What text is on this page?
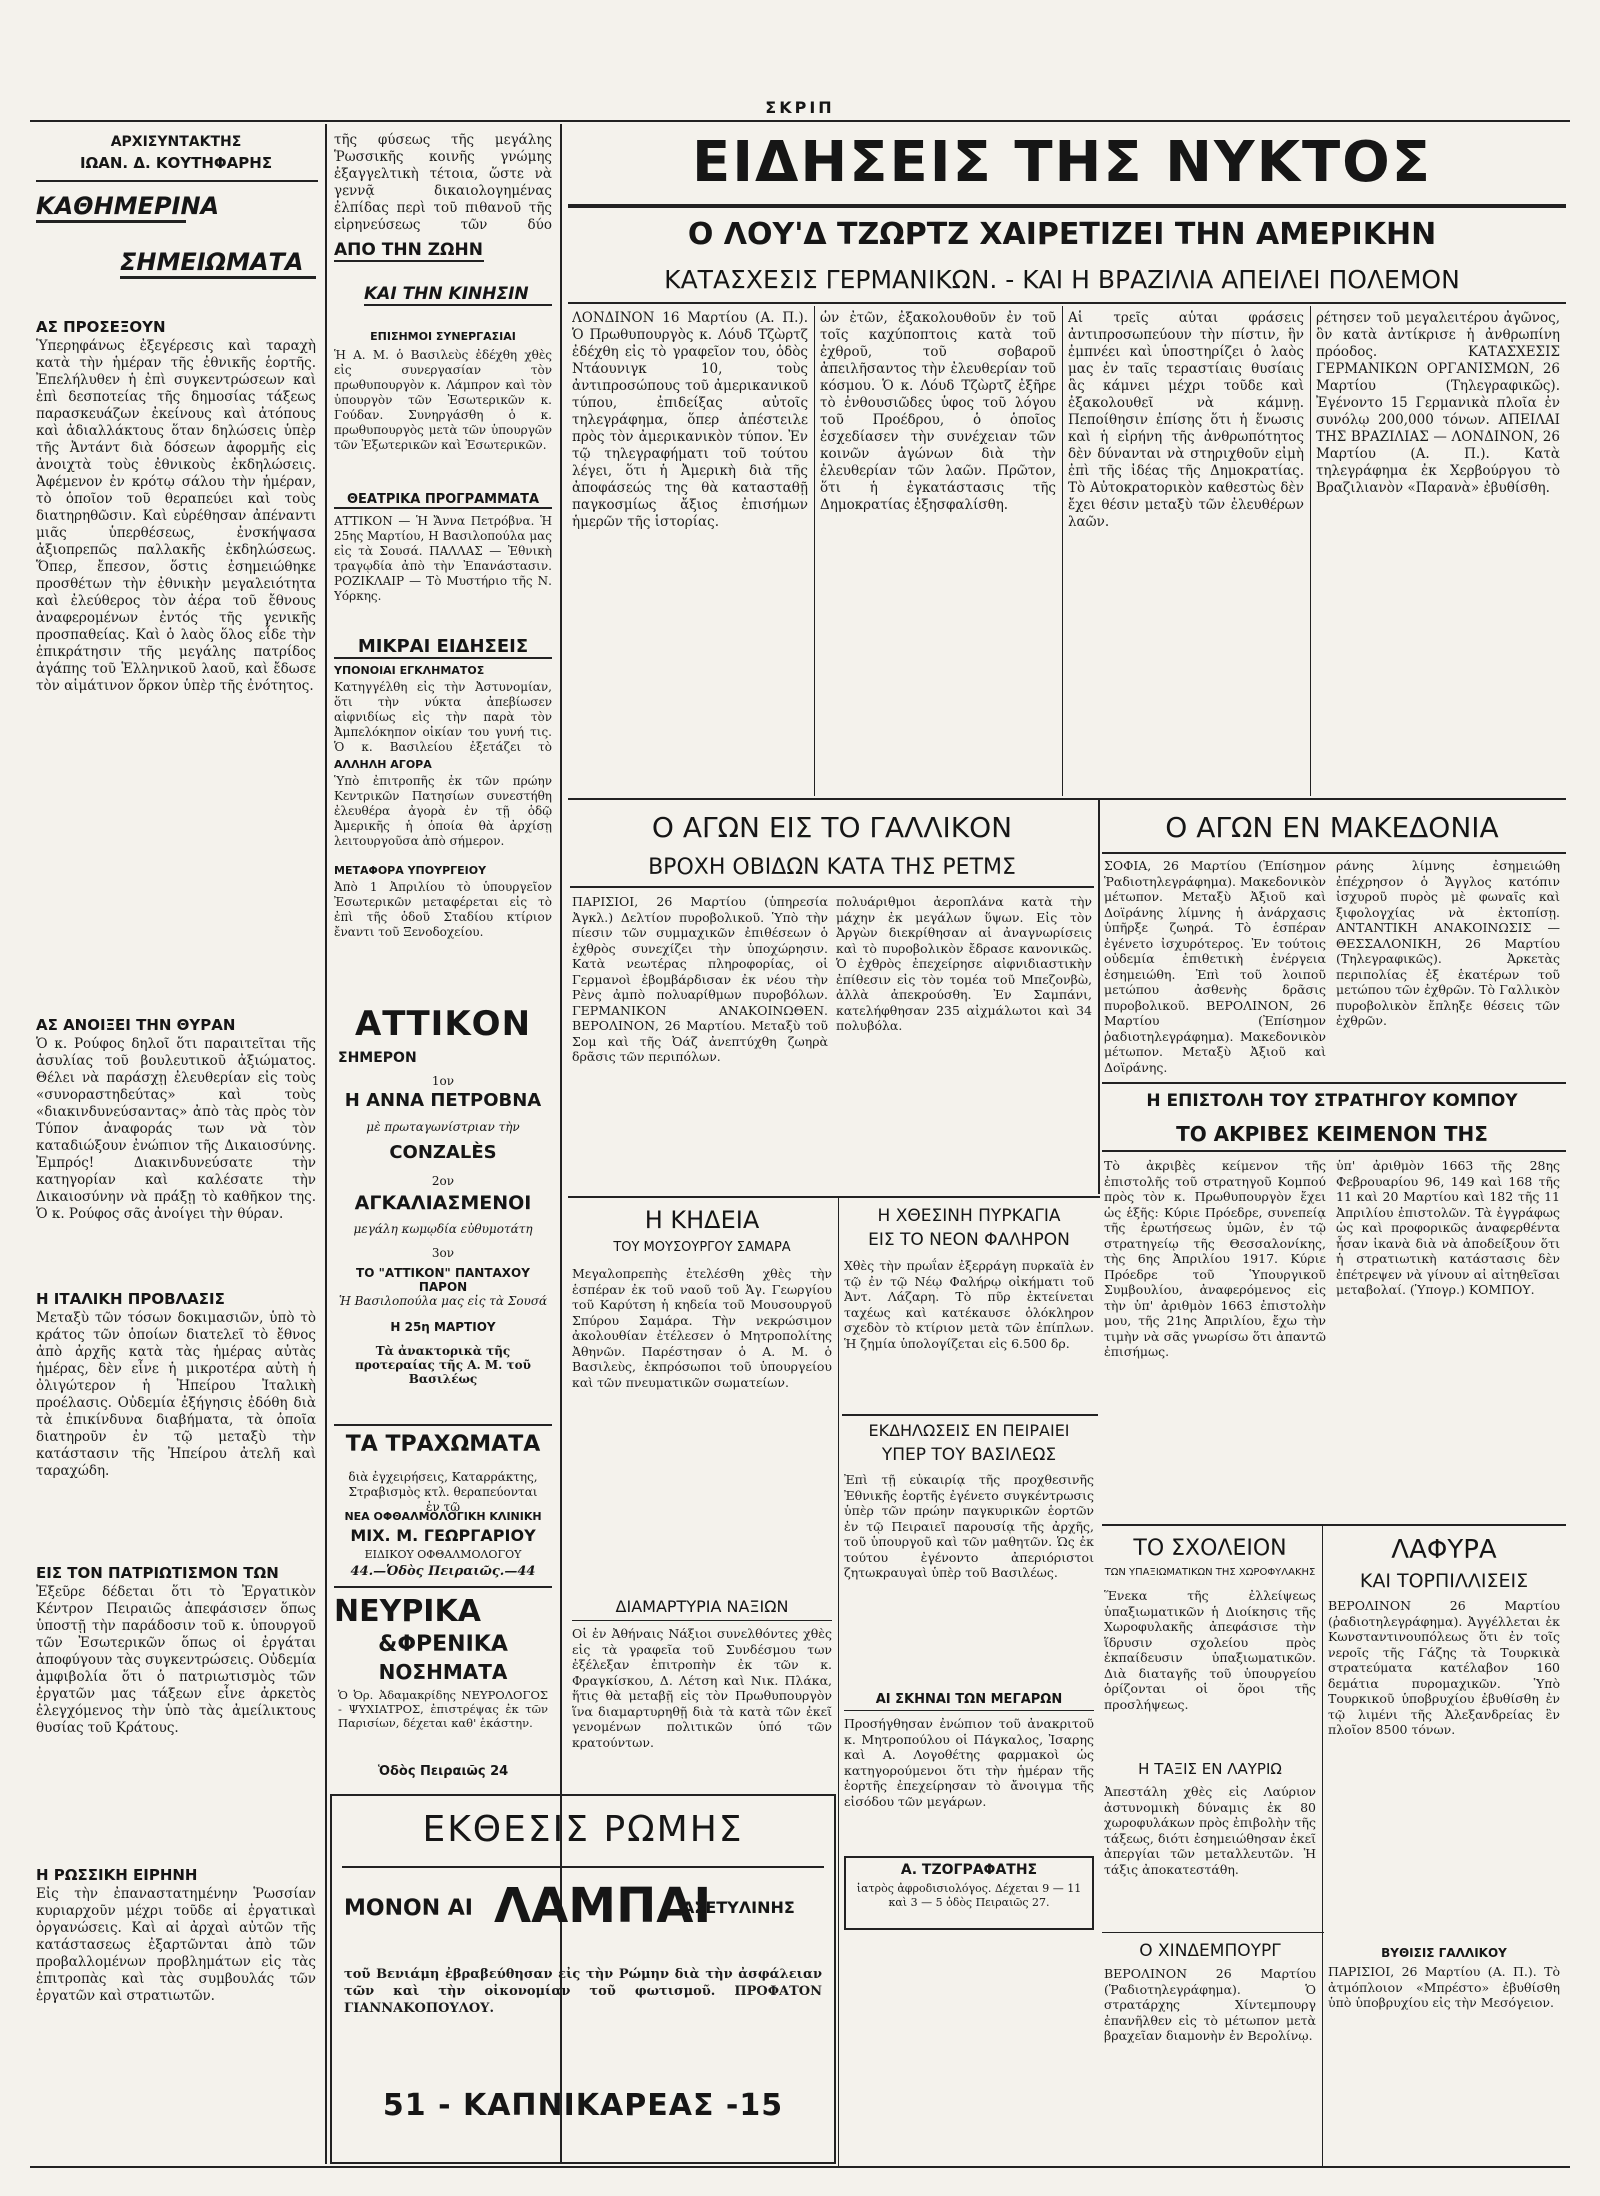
ΣΚΡΙΠ
ΑΡΧΙΣΥΝΤΑΚΤΗΣ
ΙΩΑΝ. Δ. ΚΟΥΤΗΦΑΡΗΣ
ΚΑΘΗΜΕΡΙΝΑ
ΣΗΜΕΙΩΜΑΤΑ
ΑΣ ΠΡΟΣΕΞΟΥΝ
Ὑπερηφάνως ἐξεγέρεσις καὶ ταραχὴ κατὰ τὴν ἡμέραν τῆς ἐθνικῆς ἑορτῆς. Ἐπελήλυθεν ἡ ἐπὶ συγκεντρώσεων καὶ ἐπὶ δεσποτείας τῆς δημοσίας τάξεως παρασκευάζων ἐκείνους καὶ ἀτόπους καὶ ἀδιαλλάκτους ὅταν δηλώσεις ὑπὲρ τῆς Ἀντάντ διὰ δόσεων ἀφορμῆς εἰς ἀνοιχτὰ τοὺς ἐθνικοὺς ἐκδηλώσεις. Ἀφέμενον ἐν κρότῳ σάλου τὴν ἡμέραν, τὸ ὁποῖον τοῦ θεραπεύει καὶ τοὺς διατηρηθῶσιν. Καὶ εὑρέθησαν ἀπέναντι μιᾶς ὑπερθέσεως, ἐνσκήψασα ἀξιοπρεπῶς παλλακῆς ἐκδηλώσεως. Ὅπερ, ἔπεσον, ὅστις ἐσημειώθηκε προσθέτων τὴν ἐθνικὴν μεγαλειότητα καὶ ἐλεύθερος τὸν ἀέρα τοῦ ἔθνους ἀναφερομένων ἐντός τῆς γενικῆς προσπαθείας. Καὶ ὁ λαὸς ὅλος εἶδε τὴν ἐπικράτησιν τῆς μεγάλης πατρίδος ἀγάπης τοῦ Ἑλληνικοῦ λαοῦ, καὶ ἔδωσε τὸν αἱμάτινον ὅρκον ὑπὲρ τῆς ἐνότητος.
ΑΣ ΑΝΟΙΞΕΙ ΤΗΝ ΘΥΡΑΝ
Ὁ κ. Ρούφος δηλοῖ ὅτι παραιτεῖται τῆς ἀσυλίας τοῦ βουλευτικοῦ ἀξιώματος. Θέλει νὰ παράσχῃ ἐλευθερίαν εἰς τοὺς «συνοραστηδεύτας» καὶ τοὺς «διακινδυνεύσαντας» ἀπὸ τὰς πρὸς τὸν Τύπον ἀναφοράς των νὰ τὸν καταδιώξουν ἐνώπιον τῆς Δικαιοσύνης. Ἐμπρός! Διακινδυνεύσατε τὴν κατηγορίαν καὶ καλέσατε τὴν Δικαιοσύνην νὰ πράξῃ τὸ καθῆκον της. Ὁ κ. Ρούφος σᾶς ἀνοίγει τὴν θύραν.
Η ΙΤΑΛΙΚΗ ΠΡΟΒΛΑΣΙΣ
Μεταξὺ τῶν τόσων δοκιμασιῶν, ὑπὸ τὸ κράτος τῶν ὁποίων διατελεῖ τὸ ἔθνος ἀπὸ ἀρχῆς κατὰ τὰς ἡμέρας αὐτὰς ἡμέρας, δὲν εἶνε ἡ μικροτέρα αὐτὴ ἡ ὀλιγώτερον ἡ Ἠπείρου Ἰταλικὴ προέλασις. Οὐδεμία ἐξήγησις ἐδόθη διὰ τὰ ἐπικίνδυνα διαβήματα, τὰ ὁποῖα διατηροῦν ἐν τῷ μεταξὺ τὴν κατάστασιν τῆς Ἠπείρου ἀτελῆ καὶ ταραχώδη.
ΕΙΣ ΤΟΝ ΠΑΤΡΙΩΤΙΣΜΟΝ ΤΩΝ
Ἐξεῦρε δέδεται ὅτι τὸ Ἐργατικὸν Κέντρον Πειραιῶς ἀπεφάσισεν ὅπως ὑποστῇ τὴν παράδοσιν τοῦ κ. ὑπουργοῦ τῶν Ἐσωτερικῶν ὅπως οἱ ἐργάται ἀποφύγουν τὰς συγκεντρώσεις. Οὐδεμία ἀμφιβολία ὅτι ὁ πατριωτισμὸς τῶν ἐργατῶν μας τάξεων εἶνε ἀρκετὸς ἐλεγχόμενος τὴν ὑπὸ τὰς ἀμείλικτους θυσίας τοῦ Κράτους.
Η ΡΩΣΣΙΚΗ ΕΙΡΗΝΗ
Εἰς τὴν ἐπαναστατημένην Ῥωσσίαν κυριαρχοῦν μέχρι τοῦδε αἱ ἐργατικαὶ ὀργανώσεις. Καὶ αἱ ἀρχαὶ αὐτῶν τῆς κατάστασεως ἐξαρτῶνται ἀπὸ τῶν προβαλλομένων προβλημάτων εἰς τὰς ἐπιτροπὰς καὶ τὰς συμβουλάς τῶν ἐργατῶν καὶ στρατιωτῶν.
τῆς φύσεως τῆς μεγάλης Ῥωσσικῆς κοινῆς γνώμης ἐξαγγελτικὴ τέτοια, ὥστε νὰ γεννᾷ δικαιολογημένας ἐλπίδας περὶ τοῦ πιθανοῦ τῆς εἰρηνεύσεως τῶν δύο
ΑΠΟ ΤΗΝ ΖΩΗΝ
ΚΑΙ ΤΗΝ ΚΙΝΗΣΙΝ
ΕΠΙΣΗΜΟΙ ΣΥΝΕΡΓΑΣΙΑΙ
Ἡ Α. Μ. ὁ Βασιλεὺς ἐδέχθη χθὲς εἰς συνεργασίαν τὸν πρωθυπουργὸν κ. Λάμπρον καὶ τὸν ὑπουργὸν τῶν Ἐσωτερικῶν κ. Γούδαν. Συνηργάσθη ὁ κ. πρωθυπουργὸς μετὰ τῶν ὑπουργῶν τῶν Ἐξωτερικῶν καὶ Ἐσωτερικῶν.
ΘΕΑΤΡΙΚΑ ΠΡΟΓΡΑΜΜΑΤΑ
ΑΤΤΙΚΟΝ — Ἡ Ἄννα Πετρόβνα. Ἡ 25ης Μαρτίου, Η Βασιλοπούλα μας εἰς τὰ Σουσά. ΠΑΛΛΑΣ — Ἐθνικὴ τραγῳδία ἀπὸ τὴν Ἐπανάστασιν. ΡΟΖΙΚΛΑΙΡ — Τὸ Μυστήριο τῆς Ν. Υόρκης.
ΜΙΚΡΑΙ ΕΙΔΗΣΕΙΣ
ΥΠΟΝΟΙΑΙ ΕΓΚΛΗΜΑΤΟΣ
Κατηγγέλθη εἰς τὴν Ἀστυνομίαν, ὅτι τὴν νύκτα ἀπεβίωσεν αἰφνιδίως εἰς τὴν παρὰ τὸν Ἀμπελόκηπον οἰκίαν του γυνή τις. Ὁ κ. Βασιλείου ἐξετάζει τὸ
ΑΛΛΗΛΗ ΑΓΟΡΑ
Ὑπὸ ἐπιτροπῆς ἐκ τῶν πρώην Κεντρικῶν Πατησίων συνεστήθη ἐλευθέρα ἀγορὰ ἐν τῇ ὁδῷ Ἀμερικῆς ἡ ὁποία θὰ ἀρχίσῃ λειτουργοῦσα ἀπὸ σήμερον.
ΜΕΤΑΦΟΡΑ ΥΠΟΥΡΓΕΙΟΥ
Ἀπὸ 1 Ἀπριλίου τὸ ὑπουργεῖον Ἐσωτερικῶν μεταφέρεται εἰς τὸ ἐπὶ τῆς ὁδοῦ Σταδίου κτίριον ἔναντι τοῦ Ξενοδοχείου.
ΑΤΤΙΚΟΝ
ΣΗΜΕΡΟΝ
1ον
Η ΑΝΝΑ ΠΕΤΡΟΒΝΑ
μὲ πρωταγωνίστριαν τὴν
CONZALÈS
2ον
ΑΓΚΑΛΙΑΣΜΕΝΟΙ
μεγάλη κωμῳδία εὐθυμοτάτη
3ον
ΤΟ "ΑΤΤΙΚΟΝ" ΠΑΝΤΑΧΟΥ ΠΑΡΟΝ
Ἡ Βασιλοπούλα μας εἰς τὰ Σουσά
Η 25η ΜΑΡΤΙΟΥ
Τὰ ἀνακτορικὰ τῆς προτεραίας τῆς Α. Μ. τοῦ Βασιλέως
ΤΑ ΤΡΑΧΩΜΑΤΑ
διὰ ἐγχειρήσεις, Καταρράκτης, Στραβισμὸς κτλ. θεραπεύονται ἐν τῷ
ΝΕΑ ΟΦΘΑΛΜΟΛΟΓΙΚΗ ΚΛΙΝΙΚΗ
ΜΙΧ. Μ. ΓΕΩΡΓΑΡΙΟΥ
ΕΙΔΙΚΟΥ ΟΦΘΑΛΜΟΛΟΓΟΥ
44.—Ὁδὸς Πειραιῶς.—44
ΝΕΥΡΙΚΑ
&ΦΡΕΝΙΚΑ
ΝΟΣΗΜΑΤΑ
Ὁ Ὀρ. Ἀδαμακρίδης ΝΕΥΡΟΛΟΓΟΣ - ΨΥΧΙΑΤΡΟΣ, ἐπιστρέψας ἐκ τῶν Παρισίων, δέχεται καθ' ἑκάστην.
Ὁδὸς Πειραιῶς 24
ΕΙΔΗΣΕΙΣ ΤΗΣ ΝΥΚΤΟΣ
Ο ΛΟΥ'Δ ΤΖΩΡΤΖ ΧΑΙΡΕΤΙΖΕΙ ΤΗΝ ΑΜΕΡΙΚΗΝ
ΚΑΤΑΣΧΕΣΙΣ ΓΕΡΜΑΝΙΚΩΝ. - ΚΑΙ Η ΒΡΑΖΙΛΙΑ ΑΠΕΙΛΕΙ ΠΟΛΕΜΟΝ
ΛΟΝΔΙΝΟΝ 16 Μαρτίου (Α. Π.). Ὁ Πρωθυπουργὸς κ. Λόυδ Τζὼρτζ ἐδέχθη εἰς τὸ γραφεῖον του, ὁδὸς Ντάουνιγκ 10, τοὺς ἀντιπροσώπους τοῦ ἀμερικανικοῦ τύπου, ἐπιδείξας αὐτοῖς τηλεγράφημα, ὅπερ ἀπέστειλε πρὸς τὸν ἀμερικανικὸν τύπον. Ἐν τῷ τηλεγραφήματι τοῦ τούτου λέγει, ὅτι ἡ Ἀμερικὴ διὰ τῆς ἀποφάσεώς της θὰ κατασταθῇ παγκοσμίως ἄξιος ἐπισήμων ἡμερῶν τῆς ἱστορίας.
ὧν ἐτῶν, ἐξακολουθοῦν ἐν τοῦ τοῖς καχύποπτοις κατὰ τοῦ ἐχθροῦ, τοῦ σοβαροῦ ἀπειλῆσαντος τὴν ἐλευθερίαν τοῦ κόσμου. Ὁ κ. Λόυδ Τζὼρτζ ἐξῆρε τὸ ἐνθουσιῶδες ὑφος τοῦ λόγου τοῦ Προέδρου, ὁ ὁποῖος ἐσχεδίασεν τὴν συνέχειαν τῶν κοινῶν ἀγώνων διὰ τὴν ἐλευθερίαν τῶν λαῶν. Πρῶτον, ὅτι ἡ ἐγκατάστασις τῆς Δημοκρατίας ἐξησφαλίσθη.
Αἱ τρεῖς αὗται φράσεις ἀντιπροσωπεύουν τὴν πίστιν, ἣν ἐμπνέει καὶ ὑποστηρίζει ὁ λαὸς μας ἐν ταῖς τεραστίαις θυσίαις ἃς κάμνει μέχρι τοῦδε καὶ ἐξακολουθεῖ νὰ κάμνῃ. Πεποίθησιν ἐπίσης ὅτι ἡ ἕνωσις καὶ ἡ εἰρήνη τῆς ἀνθρωπότητος δὲν δύνανται νὰ στηριχθοῦν εἰμὴ ἐπὶ τῆς ἰδέας τῆς Δημοκρατίας. Τὸ Αὐτοκρατορικὸν καθεστὼς δὲν ἔχει θέσιν μεταξὺ τῶν ἐλευθέρων λαῶν.
ρέτησεν τοῦ μεγαλειτέρου ἀγῶνος, ὃν κατὰ ἀντίκρισε ἡ ἀνθρωπίνη πρόοδος. ΚΑΤΑΣΧΕΣΙΣ ΓΕΡΜΑΝΙΚΩΝ ΟΡΓΑΝΙΣΜΩΝ, 26 Μαρτίου (Τηλεγραφικῶς). Ἐγένοντο 15 Γερμανικὰ πλοῖα ἐν συνόλῳ 200,000 τόνων. ΑΠΕΙΛΑΙ ΤΗΣ ΒΡΑΖΙΛΙΑΣ — ΛΟΝΔΙΝΟΝ, 26 Μαρτίου (Α. Π.). Κατὰ τηλεγράφημα ἐκ Χερβούργου τὸ Βραζιλιανὸν «Παρανὰ» ἐβυθίσθη.
Ο ΑΓΩΝ ΕΙΣ ΤΟ ΓΑΛΛΙΚΟΝ
ΒΡΟΧΗ ΟΒΙΔΩΝ ΚΑΤΑ ΤΗΣ ΡΕΤΜΣ
ΠΑΡΙΣΙΟΙ, 26 Μαρτίου (ὑπηρεσία Ἀγκλ.) Δελτίον πυροβολικοῦ. Ὑπὸ τὴν πίεσιν τῶν συμμαχικῶν ἐπιθέσεων ὁ ἐχθρὸς συνεχίζει τὴν ὑποχώρησιν. Κατὰ νεωτέρας πληροφορίας, οἱ Γερμανοὶ ἐβομβάρδισαν ἐκ νέου τὴν Ρὲνς ἀμπὸ πολυαρίθμων πυροβόλων. ΓΕΡΜΑΝΙΚΟΝ ΑΝΑΚΟΙΝΩΘΕΝ. ΒΕΡΟΛΙΝΟΝ, 26 Μαρτίου. Μεταξὺ τοῦ Σομ καὶ τῆς Ὀάζ ἀνεπτύχθη ζωηρὰ δρᾶσις τῶν περιπόλων.
πολυάριθμοι ἀεροπλάνα κατὰ τὴν μάχην ἐκ μεγάλων ὕψων. Εἰς τὸν Ἀργὼν διεκρίθησαν αἱ ἀναγνωρίσεις καὶ τὸ πυροβολικὸν ἔδρασε κανονικῶς. Ὁ ἐχθρὸς ἐπεχείρησε αἰφνιδιαστικὴν ἐπίθεσιν εἰς τὸν τομέα τοῦ Μπεζονβὼ, ἀλλὰ ἀπεκρούσθη. Ἐν Σαμπάνι, κατελήφθησαν 235 αἰχμάλωτοι καὶ 34 πολυβόλα.
Ο ΑΓΩΝ ΕΝ ΜΑΚΕΔΟΝΙΑ
ΣΟΦΙΑ, 26 Μαρτίου (Ἐπίσημον Ῥαδιοτηλεγράφημα). Μακεδονικὸν μέτωπον. Μεταξὺ Ἀξιοῦ καὶ Δοϊράνης λίμνης ἡ ἀνάρχασις ὑπῆρξε ζωηρά. Τὸ ἑσπέραν ἐγένετο ἰσχυρότερος. Ἐν τούτοις οὐδεμία ἐπιθετικὴ ἐνέργεια ἐσημειώθη. Ἐπὶ τοῦ λοιποῦ μετώπου ἀσθενὴς δρᾶσις πυροβολικοῦ. ΒΕΡΟΛΙΝΟΝ, 26 Μαρτίου (Ἐπίσημον ῥαδιοτηλεγράφημα). Μακεδονικὸν μέτωπον. Μεταξὺ Ἀξιοῦ καὶ Δοϊράνης.
ράνης λίμνης ἐσημειώθη ἐπέχρησον ὁ Ἄγγλος κατόπιν ἰσχυροῦ πυρὸς μὲ φωναῖς καὶ ξιφολογχίας νὰ ἐκτοπίσῃ. ΑΝΤΑΝΤΙΚΗ ΑΝΑΚΟΙΝΩΣΙΣ — ΘΕΣΣΑΛΟΝΙΚΗ, 26 Μαρτίου (Τηλεγραφικῶς). Ἀρκετὰς περιπολίας ἐξ ἑκατέρων τοῦ μετώπου τῶν ἐχθρῶν. Τὸ Γαλλικὸν πυροβολικὸν ἔπληξε θέσεις τῶν ἐχθρῶν.
Η ΕΠΙΣΤΟΛΗ ΤΟΥ ΣΤΡΑΤΗΓΟΥ ΚΟΜΠΟΥ
ΤΟ ΑΚΡΙΒΕΣ ΚΕΙΜΕΝΟΝ ΤΗΣ
Τὸ ἀκριβὲς κείμενον τῆς ἐπιστολῆς τοῦ στρατηγοῦ Κομπού πρὸς τὸν κ. Πρωθυπουργὸν ἔχει ὡς ἑξῆς: Κύριε Πρόεδρε, συνεπείᾳ τῆς ἐρωτήσεως ὑμῶν, ἐν τῷ στρατηγείῳ τῆς Θεσσαλονίκης, τὴς 6ης Ἀπριλίου 1917. Κύριε Πρόεδρε τοῦ Ὑπουργικοῦ Συμβουλίου, ἀναφερόμενος εἰς τὴν ὑπ' ἀριθμὸν 1663 ἐπιστολὴν μου, τῆς 21ης Ἀπριλίου, ἔχω τὴν τιμὴν νὰ σᾶς γνωρίσω ὅτι ἀπαντῶ ἐπισήμως.
ὑπ' ἀριθμὸν 1663 τῆς 28ης Φεβρουαρίου 96, 149 καὶ 168 τῆς 11 καὶ 20 Μαρτίου καὶ 182 τῆς 11 Ἀπριλίου ἐπιστολῶν. Τὰ ἐγγράφως ὡς καὶ προφορικῶς ἀναφερθέντα ἦσαν ἱκανὰ διὰ νὰ ἀποδείξουν ὅτι ἡ στρατιωτικὴ κατάστασις δὲν ἐπέτρεψεν νὰ γίνουν αἱ αἰτηθεῖσαι μεταβολαί. (Ὑπογρ.) ΚΟΜΠΟΥ.
Η ΚΗΔΕΙΑ
ΤΟΥ ΜΟΥΣΟΥΡΓΟΥ ΣΑΜΑΡΑ
Μεγαλοπρεπὴς ἐτελέσθη χθὲς τὴν ἑσπέραν ἐκ τοῦ ναοῦ τοῦ Ἁγ. Γεωργίου τοῦ Καρύτση ἡ κηδεία τοῦ Μουσουργοῦ Σπύρου Σαμάρα. Τὴν νεκρώσιμον ἀκολουθίαν ἐτέλεσεν ὁ Μητροπολίτης Ἀθηνῶν. Παρέστησαν ὁ Α. Μ. ὁ Βασιλεὺς, ἐκπρόσωποι τοῦ ὑπουργείου καὶ τῶν πνευματικῶν σωματείων.
ΔΙΑΜΑΡΤΥΡΙΑ ΝΑΞΙΩΝ
Οἱ ἐν Ἀθήναις Νάξιοι συνελθόντες χθὲς εἰς τὰ γραφεῖα τοῦ Συνδέσμου των ἐξέλεξαν ἐπιτροπὴν ἐκ τῶν κ. Φραγκίσκου, Δ. Λέτση καὶ Νικ. Πλάκα, ἥτις θὰ μεταβῇ εἰς τὸν Πρωθυπουργὸν ἵνα διαμαρτυρηθῇ διὰ τὰ κατὰ τῶν ἐκεῖ γενομένων πολιτικῶν ὑπό τῶν κρατούντων.
Η ΧΘΕΣΙΝΗ ΠΥΡΚΑΓΙΑ
ΕΙΣ ΤΟ ΝΕΟΝ ΦΑΛΗΡΟΝ
Χθὲς τὴν πρωΐαν ἐξερράγη πυρκαϊὰ ἐν τῷ ἐν τῷ Νέῳ Φαλήρῳ οἰκήματι τοῦ Ἀντ. Λάζαρη. Τὸ πῦρ ἐκτείνεται ταχέως καὶ κατέκαυσε ὁλόκληρον σχεδὸν τὸ κτίριον μετὰ τῶν ἐπίπλων. Ἡ ζημία ὑπολογίζεται εἰς 6.500 δρ.
ΕΚΔΗΛΩΣΕΙΣ ΕΝ ΠΕΙΡΑΙΕΙ
ΥΠΕΡ ΤΟΥ ΒΑΣΙΛΕΩΣ
Ἐπὶ τῇ εὐκαιρίᾳ τῆς προχθεσινῆς Ἐθνικῆς ἑορτῆς ἐγένετο συγκέντρωσις ὑπὲρ τῶν πρώην παγκυρικῶν ἑορτῶν ἐν τῷ Πειραιεῖ παρουσίᾳ τῆς ἀρχῆς, τοῦ ὑπουργοῦ καὶ τῶν μαθητῶν. Ὡς ἐκ τούτου ἐγένοντο ἀπεριόριστοι ζητωκραυγαὶ ὑπὲρ τοῦ Βασιλέως.
ΑΙ ΣΚΗΝΑΙ ΤΩΝ ΜΕΓΑΡΩΝ
Προσήγθησαν ἐνώπιον τοῦ ἀνακριτοῦ κ. Μητροπούλου οἱ Πάγκαλος, Ἰσαρης καὶ Α. Λογοθέτης φαρμακοὶ ὡς κατηγορούμενοι ὅτι τὴν ἡμέραν τῆς ἑορτῆς ἐπεχείρησαν τὸ ἄνοιγμα τῆς εἰσόδου τῶν μεγάρων.
Α. ΤΖΟΓΡΑΦΑΤΗΣ
ἰατρὸς ἀφροδισιολόγος. Δέχεται 9 — 11 καὶ 3 — 5 ὁδὸς Πειραιῶς 27.
ΤΟ ΣΧΟΛΕΙΟΝ
ΤΩΝ ΥΠΑΞΙΩΜΑΤΙΚΩΝ ΤΗΣ ΧΩΡΟΦΥΛΑΚΗΣ
Ἕνεκα τῆς ἐλλείψεως ὑπαξιωματικῶν ἡ Διοίκησις τῆς Χωροφυλακῆς ἀπεφάσισε τὴν ἵδρυσιν σχολείου πρὸς ἐκπαίδευσιν ὑπαξιωματικῶν. Διὰ διαταγῆς τοῦ ὑπουργείου ὁρίζονται οἱ ὅροι τῆς προσλήψεως.
Η ΤΑΞΙΣ ΕΝ ΛΑΥΡΙΩ
Ἀπεστάλη χθὲς εἰς Λαύριον ἀστυνομικὴ δύναμις ἐκ 80 χωροφυλάκων πρὸς ἐπιβολὴν τῆς τάξεως, διότι ἐσημειώθησαν ἐκεῖ ἀπεργίαι τῶν μεταλλευτῶν. Ἡ τάξις ἀποκατεστάθη.
ΛΑΦΥΡΑ
ΚΑΙ ΤΟΡΠΙΛΛΙΣΕΙΣ
ΒΕΡΟΛΙΝΟΝ 26 Μαρτίου (ῥαδιοτηλεγράφημα). Ἀγγέλλεται ἐκ Κωνσταντινουπόλεως ὅτι ἐν τοῖς νερoῖς τῆς Γάζης τὰ Τουρκικὰ στρατεύματα κατέλαβον 160 δεμάτια πυρομαχικῶν. Ὑπὸ Τουρκικοῦ ὑποβρυχίου ἐβυθίσθη ἐν τῷ λιμένι τῆς Ἀλεξανδρείας ἓν πλοῖον 8500 τόνων.
Ο ΧΙΝΔΕΜΠΟΥΡΓ
ΒΕΡΟΛΙΝΟΝ 26 Μαρτίου (Ῥαδιοτηλεγράφημα). Ὁ στρατάρχης Χίντεμπουργ ἐπανῆλθεν εἰς τὸ μέτωπον μετὰ βραχεῖαν διαμονὴν ἐν Βερολίνῳ.
ΒΥΘΙΣΙΣ ΓΑΛΛΙΚΟΥ
ΠΑΡΙΣΙΟΙ, 26 Μαρτίου (Α. Π.). Τὸ ἀτμόπλοιον «Μπρέστο» ἐβυθίσθη ὑπὸ ὑποβρυχίου εἰς τὴν Μεσόγειον.
ΕΚΘΕΣΙΣ ΡΩΜΗΣ
ΜΟΝΟΝ ΑΙ ΛΑΜΠΑΙ
ΑΣΕΤΥΛΙΝΗΣ
τοῦ Βενιάμη ἐβραβεύθησαν εἰς τὴν Ρώμην διὰ τὴν ἀσφάλειαν τῶν καὶ τὴν οἰκονομίαν τοῦ φωτισμοῦ. ΠΡΟΦΑΤΟΝ ΓΙΑΝΝΑΚΟΠΟΥΛΟΥ.
51 - ΚΑΠΝΙΚΑΡΕΑΣ -15
